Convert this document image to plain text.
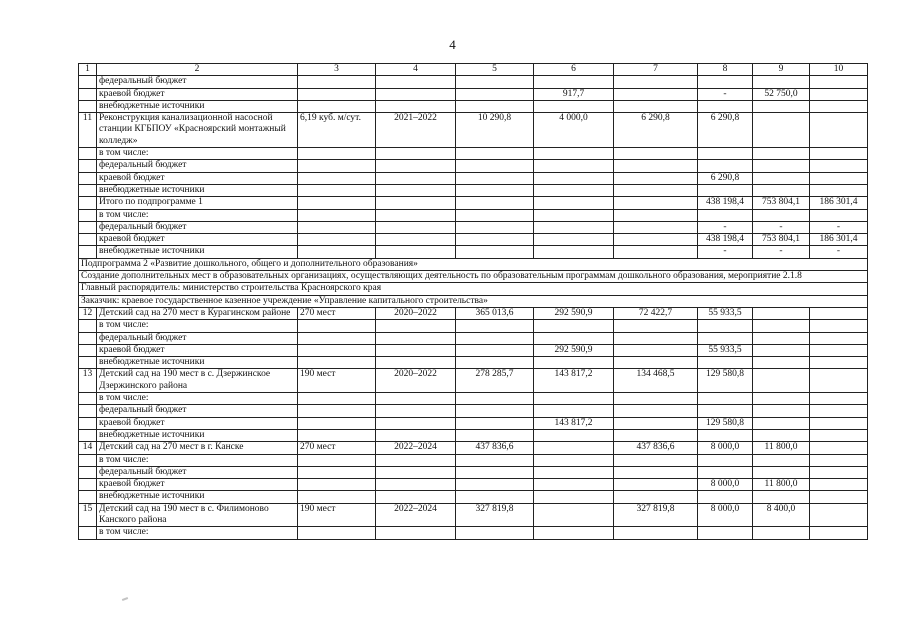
4
1	2	3	4	5	6	7	8	9	10
	федеральный бюджет								
	краевой бюджет				917,7		-	52 750,0	
	внебюджетные источники								
11	Реконструкция канализационной насосной станции КГБПОУ «Красноярский монтажный колледж»	6,19 куб. м/сут.	2021–2022	10 290,8	4 000,0	6 290,8	6 290,8		
	в том числе:								
	федеральный бюджет								
	краевой бюджет						6 290,8		
	внебюджетные источники								
	Итого по подпрограмме 1						438 198,4	753 804,1	186 301,4
	в том числе:								
	федеральный бюджет						-	-	-
	краевой бюджет						438 198,4	753 804,1	186 301,4
	внебюджетные источники						-	-	-
Подпрограмма 2 «Развитие дошкольного, общего и дополнительного образования»									
Создание дополнительных мест в образовательных организациях, осуществляющих деятельность по образовательным программам дошкольного образования, мероприятие 2.1.8									
Главный распорядитель: министерство строительства Красноярского края									
Заказчик: краевое государственное казенное учреждение «Управление капитального строительства»									
12	Детский сад на 270 мест в Курагинском районе	270 мест	2020–2022	365 013,6	292 590,9	72 422,7	55 933,5		
	в том числе:								
	федеральный бюджет								
	краевой бюджет				292 590,9		55 933,5		
	внебюджетные источники								
13	Детский сад на 190 мест в с. Дзержинское Дзержинского района	190 мест	2020–2022	278 285,7	143 817,2	134 468,5	129 580,8		
	в том числе:								
	федеральный бюджет								
	краевой бюджет				143 817,2		129 580,8		
	внебюджетные источники								
14	Детский сад на 270 мест в г. Канске	270 мест	2022–2024	437 836,6		437 836,6	8 000,0	11 800,0	
	в том числе:								
	федеральный бюджет								
	краевой бюджет						8 000,0	11 800,0	
	внебюджетные источники								
15	Детский сад на 190 мест в с. Филимоново Канского района	190 мест	2022–2024	327 819,8		327 819,8	8 000,0	8 400,0	
	в том числе:								
